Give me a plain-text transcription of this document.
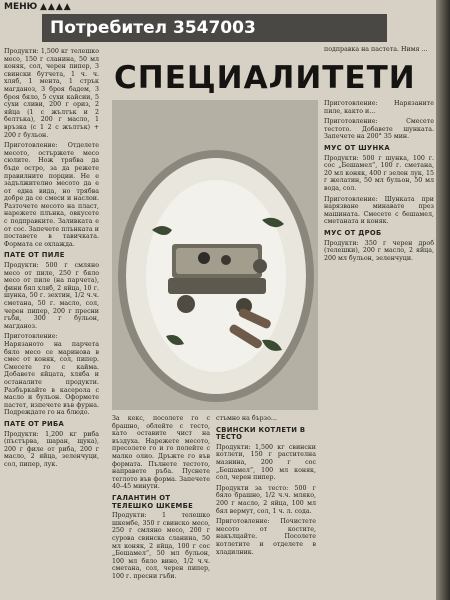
МЕНЮ ▲▲▲▲
СПЕЦИАЛИТЕТИ

Продукти: 1,500 кг телешко месо, 150 г сланина, 50 мл коняк, сол, черен пипер, 3 свински бутчета, 1 ч. ч. хляб, 1 мента, 1 стрък магданоз, 3 броя бадем, 3 броя бяло, 5 сухи кайсии, 5 сухи сливи, 200 г ориз, 2 яйца (1 с жълтък и 2 белтъка), 200 г масло, 1 връзка (с 1 2 с жълтък) + 200 г бульон.

Приготовление: Отделете месото, остържете месо сюлите. Нож трябва да бъде остро, за да режете правилните порции. Не е задължително месото да е от една вида, но трябва добре да се смеси и наслои. Разточете месото на пласт, нарежете плънка, овкусете с подправките. Заливката е от сос. Запечете плънката и поставете в тавичката. Формата се охлажда.

ПАТЕ ОТ ПИЛЕ

Продукти: 500 г смляно месо от пиле, 250 г бяло месо от пиле (на парчета), фини бял хляб, 2 яйца, 10 г. шунка, 50 г. зехтин, 1/2 ч.ч. сметана, 50 г. масло, сол, черен пипер, 200 г пресни гъби, 300 г бульон, магданоз.

Приготовление: Нарязаното на парчета бяло месо се маринова в смес от коняк, сол, пипер. Смесете го с кайма. Добавете яйцата, хляба и останалите продукти. Разбъркайте в касерола с масло и бульон. Оформете пастет, изпечете във фурна. Подреждате го на блюдо.

ПАТЕ ОТ РИБА

Продукти: 1,200 кг риба (пъстърва, шаран, щука), 200 г филе от риба, 200 г масло, 2 яйца, зеленчуци, сол, пипер, лук.

За кекс, посолете го с брашно, облейте с тесто, като оставите чист на въздуха. Нарежете месото, пресолете го и го полейте с малко олио. Дръжте го във формата. Пълнете тестото, направете ръба. Пуснете теглото във форма. Запечете 40–45 минути.

ГАЛАНТИН ОТ ТЕЛЕШКО ШКЕМБЕ

Продукти: 1 телешко шкембе, 350 г свинско месо, 250 г смляно месо, 200 г сурова свинска сланина, 50 мл коняк, 2 яйца, 100 г сос „Бешамел“, 50 мл бульон, 100 мл бяло вино, 1/2 ч.ч. сметана, сол, черен пипер, 100 г. пресни гъби.

стъмно на бързо...

СВИНСКИ КОТЛЕТИ В ТЕСТО

Продукти: 1,500 кг свински котлети, 150 г растителна мазнина, 200 г сос „Бешамел“, 100 мл коняк, сол, черен пипер.

Продукти за тесто: 500 г бяло брашно, 1/2 ч.ч. мляко, 200 г масло, 2 яйца, 100 мл бял вермут, сол, 1 ч. л. сода.

Приготовление: Почистете месото от костите, накълцайте. Посолете котлетите и отделете в хладилник.

подправка на пастета. Нимя ...

Приготовление: Нарязаните пиле, както и...

Приготовление: Смесете тестото. Добавете шунката. Запечете на 200° 35 мин.

МУС ОТ ШУНКА

Продукти: 500 г шунка, 100 г. сос „Бешамел“, 100 г. сметана, 20 мл коняк, 400 г зелен лук, 15 г желатин, 50 мл бульон, 50 мл вода, сол.

Приготовление: Шунката при нарязване минавате през машината. Смесете с бешамел, сметаната и коняк.

МУС ОТ ДРОБ

Продукти: 350 г черен дроб (телешки), 200 г масло, 2 яйца, 200 мл бульон, зеленчуци.

Потребител 3547003
